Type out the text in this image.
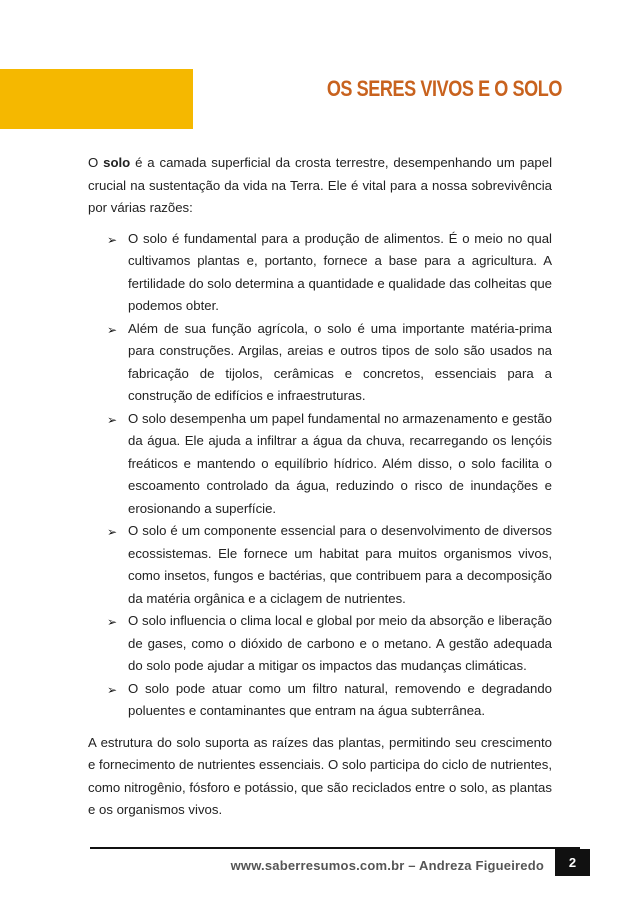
OS SERES VIVOS E O SOLO

O solo é a camada superficial da crosta terrestre, desempenhando um papel crucial na sustentação da vida na Terra. Ele é vital para a nossa sobrevivência por várias razões:

➢ O solo é fundamental para a produção de alimentos. É o meio no qual cultivamos plantas e, portanto, fornece a base para a agricultura. A fertilidade do solo determina a quantidade e qualidade das colheitas que podemos obter.
➢ Além de sua função agrícola, o solo é uma importante matéria-prima para construções. Argilas, areias e outros tipos de solo são usados na fabricação de tijolos, cerâmicas e concretos, essenciais para a construção de edifícios e infraestruturas.
➢ O solo desempenha um papel fundamental no armazenamento e gestão da água. Ele ajuda a infiltrar a água da chuva, recarregando os lençóis freáticos e mantendo o equilíbrio hídrico. Além disso, o solo facilita o escoamento controlado da água, reduzindo o risco de inundações e erosionando a superfície.
➢ O solo é um componente essencial para o desenvolvimento de diversos ecossistemas. Ele fornece um habitat para muitos organismos vivos, como insetos, fungos e bactérias, que contribuem para a decomposição da matéria orgânica e a ciclagem de nutrientes.
➢ O solo influencia o clima local e global por meio da absorção e liberação de gases, como o dióxido de carbono e o metano. A gestão adequada do solo pode ajudar a mitigar os impactos das mudanças climáticas.
➢ O solo pode atuar como um filtro natural, removendo e degradando poluentes e contaminantes que entram na água subterrânea.

A estrutura do solo suporta as raízes das plantas, permitindo seu crescimento e fornecimento de nutrientes essenciais. O solo participa do ciclo de nutrientes, como nitrogênio, fósforo e potássio, que são reciclados entre o solo, as plantas e os organismos vivos.

www.saberresumos.com.br – Andreza Figueiredo	2
